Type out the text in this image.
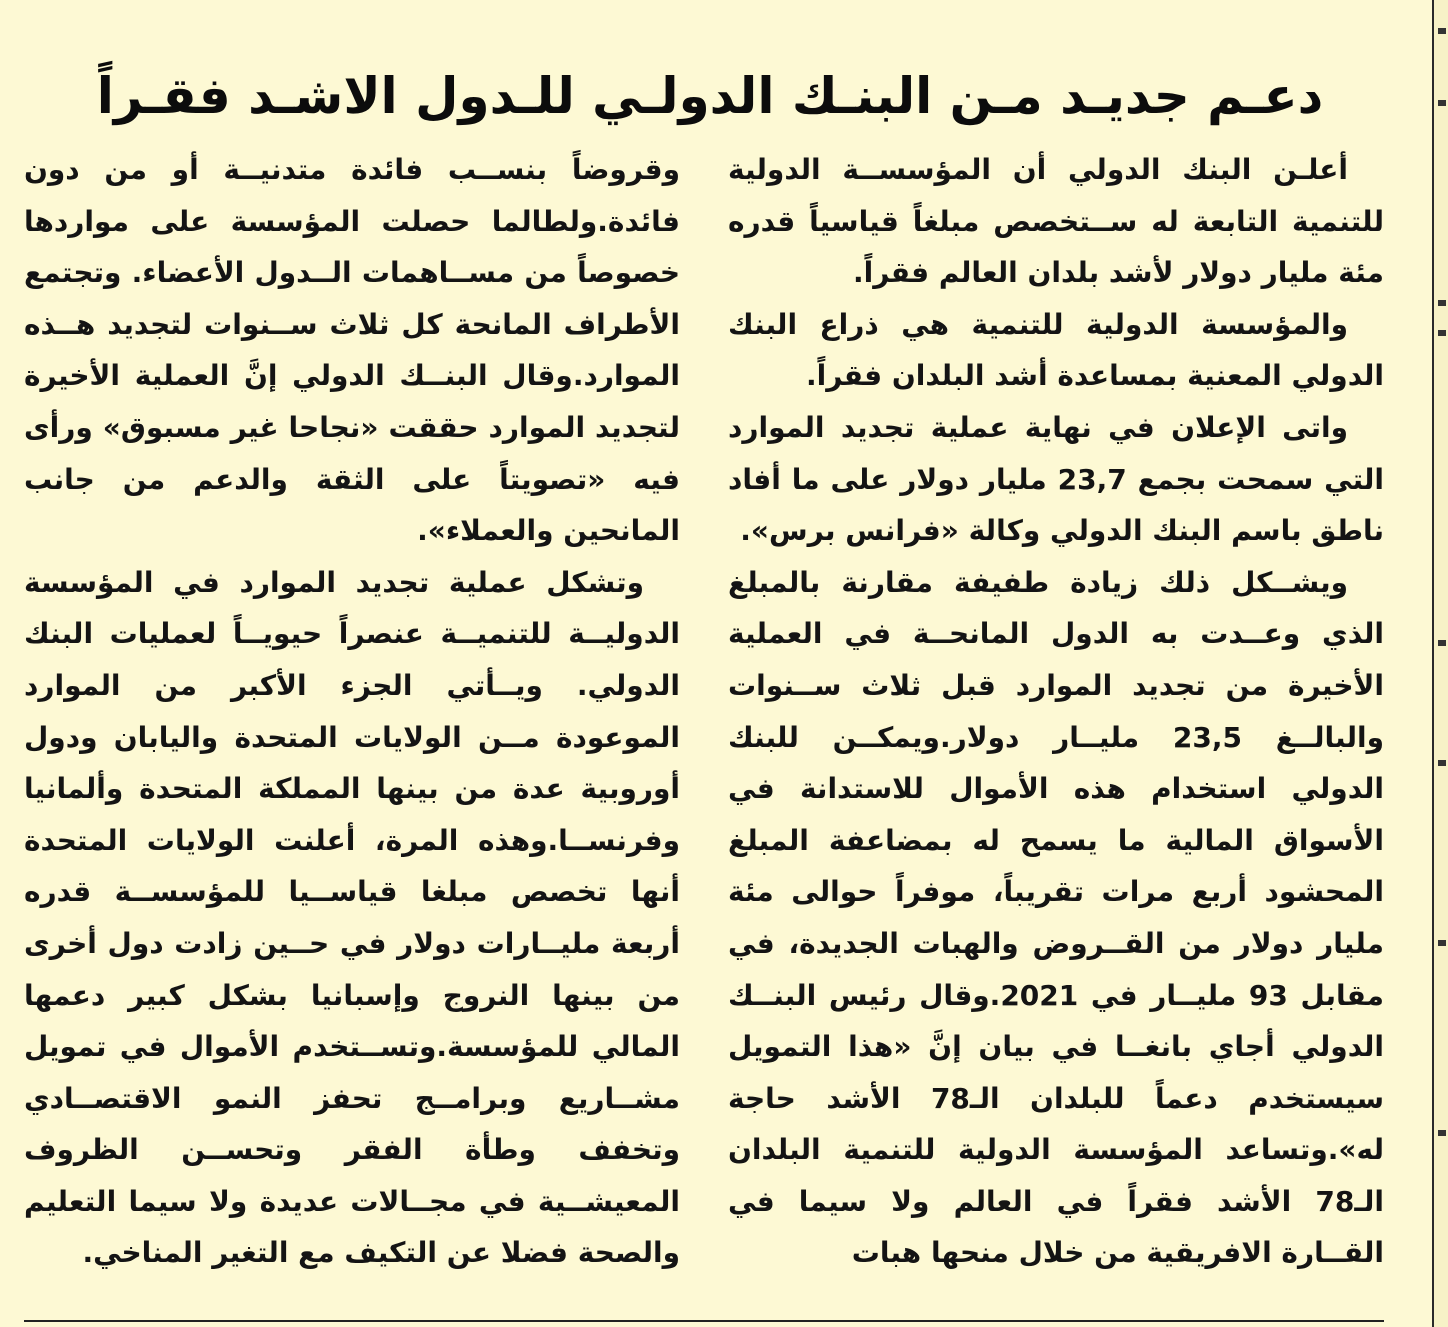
دعـم جديـد مـن البنـك الدولـي للـدول الاشـد فقـراً

أعلـن البنك الدولي أن المؤسســة الدولية للتنمية التابعة له ســتخصص مبلغاً قياسياً قدره مئة مليار دولار لأشد بلدان العالم فقراً.

والمؤسسة الدولية للتنمية هي ذراع البنك الدولي المعنية بمساعدة أشد البلدان فقراً.

واتى الإعلان في نهاية عملية تجديد الموارد التي سمحت بجمع 23,7 مليار دولار على ما أفاد ناطق باسم البنك الدولي وكالة «فرانس برس».

ويشــكل ذلك زيادة طفيفة مقارنة بالمبلغ الذي وعــدت به الدول المانحــة في العملية الأخيرة من تجديد الموارد قبل ثلاث ســنوات والبالــغ 23,5 مليــار دولار.ويمكــن للبنك الدولي استخدام هذه الأموال للاستدانة في الأسواق المالية ما يسمح له بمضاعفة المبلغ المحشود أربع مرات تقريباً، موفراً حوالى مئة مليار دولار من القــروض والهبات الجديدة، في مقابل 93 مليــار في 2021.وقال رئيس البنــك الدولي أجاي بانغــا في بيان إنَّ «هذا التمويل سيستخدم دعماً للبلدان الـ78 الأشد حاجة له».وتساعد المؤسسة الدولية للتنمية البلدان الـ78 الأشد فقراً في العالم ولا سيما في القــارة الافريقية من خلال منحها هبات

وقروضاً بنســب فائدة متدنيــة أو من دون فائدة.ولطالما حصلت المؤسسة على مواردها خصوصاً من مســاهمات الــدول الأعضاء. وتجتمع الأطراف المانحة كل ثلاث ســنوات لتجديد هــذه الموارد.وقال البنــك الدولي إنَّ العملية الأخيرة لتجديد الموارد حققت «نجاحا غير مسبوق» ورأى فيه «تصويتاً على الثقة والدعم من جانب المانحين والعملاء».

وتشكل عملية تجديد الموارد في المؤسسة الدوليــة للتنميــة عنصراً حيويــاً لعمليات البنك الدولي. ويــأتي الجزء الأكبر من الموارد الموعودة مــن الولايات المتحدة واليابان ودول أوروبية عدة من بينها المملكة المتحدة وألمانيا وفرنســا.وهذه المرة، أعلنت الولايات المتحدة أنها تخصص مبلغا قياســيا للمؤسســة قدره أربعة مليــارات دولار في حــين زادت دول أخرى من بينها النروج وإسبانيا بشكل كبير دعمها المالي للمؤسسة.وتســتخدم الأموال في تمويل مشــاريع وبرامــج تحفز النمو الاقتصــادي وتخفف وطأة الفقر وتحســن الظروف المعيشــية في مجــالات عديدة ولا سيما التعليم والصحة فضلا عن التكيف مع التغير المناخي.
